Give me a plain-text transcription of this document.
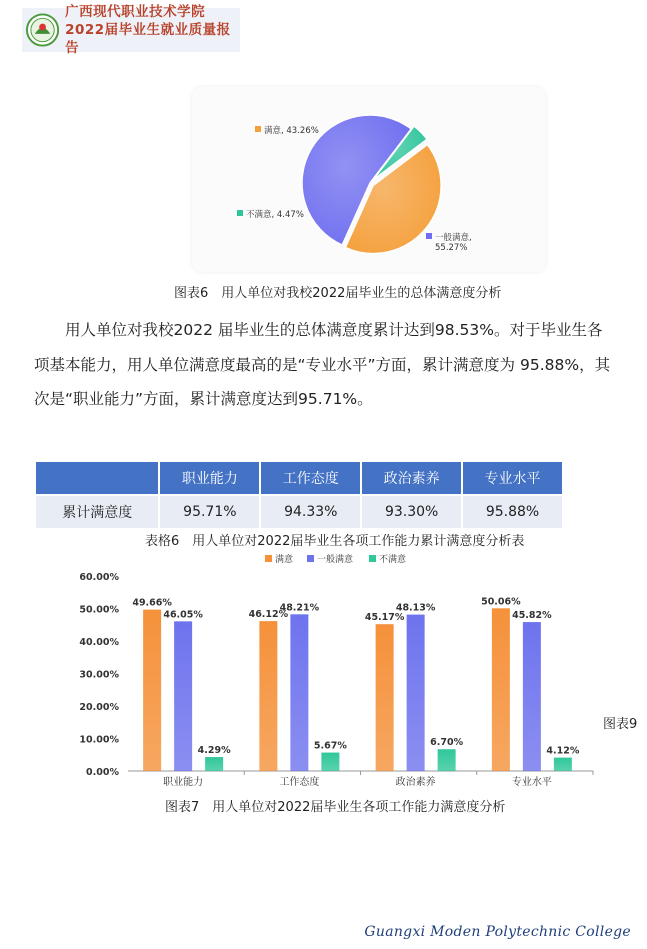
广西现代职业技术学院
2022届毕业生就业质量报告
满意, 43.26%
一般满意,
55.27%
不满意, 4.47%
图表6　用人单位对我校2022届毕业生的总体满意度分析

用人单位对我校2022 届毕业生的总体满意度累计达到98.53%。对于毕业生各项基本能力，用人单位满意度最高的是“专业水平”方面，累计满意度为 95.88%，其次是“职业能力”方面，累计满意度达到95.71%。

	职业能力	工作态度	政治素养	专业水平
累计满意度	95.71%	94.33%	93.30%	95.88%
表格6　用人单位对2022届毕业生各项工作能力累计满意度分析表
满意	一般满意	不满意
0.00%
10.00%
20.00%
30.00%
40.00%
50.00%
60.00%
49.66%
46.05%
4.29%
职业能力
46.12%
48.21%
5.67%
工作态度
45.17%
48.13%
6.70%
政治素养
50.06%
45.82%
4.12%
专业水平
图表9
图表7　用人单位对2022届毕业生各项工作能力满意度分析
Guangxi Moden Polytechnic College
